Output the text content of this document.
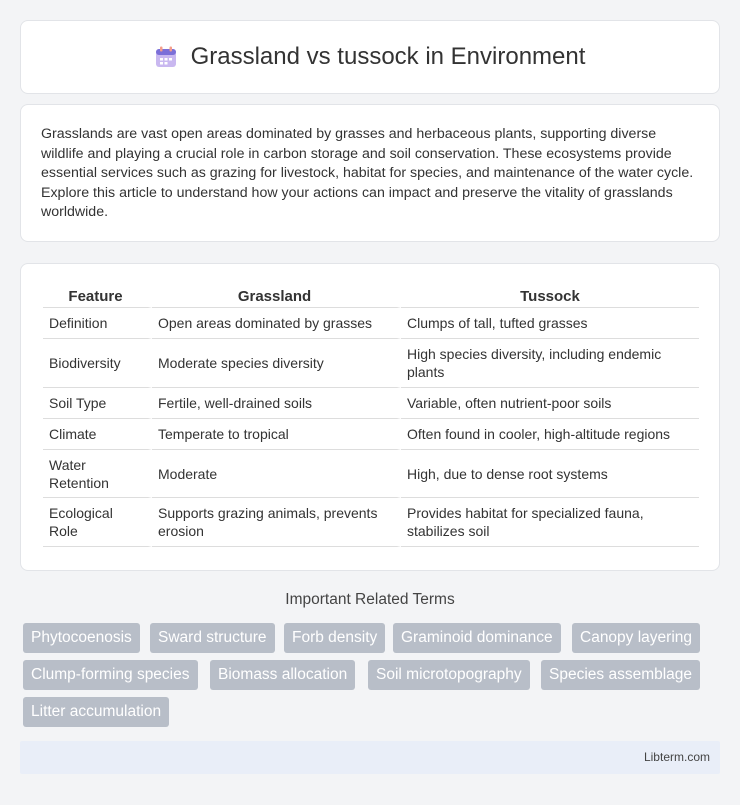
Grassland vs tussock in Environment

Grasslands are vast open areas dominated by grasses and herbaceous plants, supporting diverse wildlife and playing a crucial role in carbon storage and soil conservation. These ecosystems provide essential services such as grazing for livestock, habitat for species, and maintenance of the water cycle. Explore this article to understand how your actions can impact and preserve the vitality of grasslands worldwide.

Feature	Grassland	Tussock
Definition	Open areas dominated by grasses	Clumps of tall, tufted grasses
Biodiversity	Moderate species diversity	High species diversity, including endemic plants
Soil Type	Fertile, well-drained soils	Variable, often nutrient-poor soils
Climate	Temperate to tropical	Often found in cooler, high-altitude regions
Water Retention	Moderate	High, due to dense root systems
Ecological Role	Supports grazing animals, prevents erosion	Provides habitat for specialized fauna, stabilizes soil
Important Related Terms
Phytocoenosis	Sward structure	Forb density	Graminoid dominance	Canopy layering
Clump-forming species	Biomass allocation	Soil microtopography	Species assemblage
Litter accumulation
Libterm.com
